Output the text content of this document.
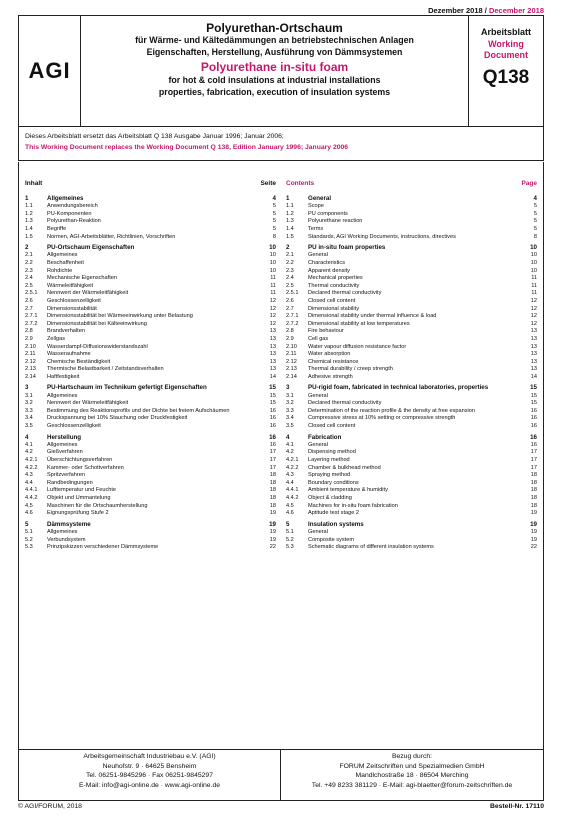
Dezember 2018 / December 2018
AGI
Polyurethan-Ortschaum
für Wärme- und Kältedämmungen an betriebstechnischen Anlagen
Eigenschaften, Herstellung, Ausführung von Dämmsystemen
Polyurethane in-situ foam
for hot & cold insulations at industrial installations
properties, fabrication, execution of insulation systems
Arbeitsblatt
Working
Document
Q138
Dieses Arbeitsblatt ersetzt das Arbeitsblatt Q 138 Ausgabe Januar 1996; Januar 2006;
This Working Document replaces the Working Document Q 138, Edition January 1996; January 2006
Inhalt	Seite
1	Allgemeines	4
1.1	Anwendungsbereich	5
1.2	PU-Komponenten	5
1.3	Polyurethan-Reaktion	5
1.4	Begriffe	5
1.5	Normen, AGI-Arbeitsblätter, Richtlinien, Vorschriften	8
2	PU-Ortschaum Eigenschaften	10
2.1	Allgemeines	10
2.2	Beschaffenheit	10
2.3	Rohdichte	10
2.4	Mechanische Eigenschaften	11
2.5	Wärmeleitfähigkeit	11
2.5.1	Nennwert der Wärmeleitfähigkeit	11
2.6	Geschlossenzelligkeit	12
2.7	Dimensionsstabilität	12
2.7.1	Dimensionsstabilität bei Wärmeeinwirkung unter Belastung	12
2.7.2	Dimensionsstabilität bei Kälteeinwirkung	12
2.8	Brandverhalten	13
2.9	Zellgas	13
2.10	Wasserdampf-Diffusionswiderstandszahl	13
2.11	Wasseraufnahme	13
2.12	Chemische Beständigkeit	13
2.13	Thermische Belastbarkeit / Zeitstandsverhalten	13
2.14	Haftfestigkeit	14
3	PU-Hartschaum im Technikum gefertigt Eigenschaften	15
3.1	Allgemeines	15
3.2	Nennwert der Wärmeleitfähigkeit	15
3.3	Bestimmung des Reaktionsprofils und der Dichte bei freiem Aufschäumen	16
3.4	Druckspannung bei 10% Stauchung oder Druckfestigkeit	16
3.5	Geschlossenzelligkeit	16
4	Herstellung	16
4.1	Allgemeines	16
4.2	Gießverfahren	17
4.2.1	Überschichtungsverfahren	17
4.2.2	Kammer- oder Schottverfahren	17
4.3	Spritzverfahren	18
4.4	Randbedingungen	18
4.4.1	Lufttemperatur und Feuchte	18
4.4.2	Objekt und Ummantelung	18
4.5	Maschinen für die Ortschaumherstellung	18
4.6	Eignungsprüfung Stufe 2	19
5	Dämmsysteme	19
5.1	Allgemeines	19
5.2	Verbundsystem	19
5.3	Prinzipskizzen verschiedener Dämmsysteme	22
Contents	Page
1	General	4
1.1	Scope	5
1.2	PU components	5
1.3	Polyurethane reaction	5
1.4	Terms	5
1.5	Standards, AGI Working Documents, instructions, directives	8
2	PU in-situ foam properties	10
2.1	General	10
2.2	Characteristics	10
2.3	Apparent density	10
2.4	Mechanical properties	11
2.5	Thermal conductivity	11
2.5.1	Declared thermal conductivity	11
2.6	Closed cell content	12
2.7	Dimensional stability	12
2.7.1	Dimensional stability under thermal influence & load	12
2.7.2	Dimensional stability at low temperatures	12
2.8	Fire behaviour	13
2.9	Cell gas	13
2.10	Water vapour diffusion resistance factor	13
2.11	Water absorption	13
2.12	Chemical resistance	13
2.13	Thermal durability / creep strength	13
2.14	Adhesive strength	14
3	PU-rigid foam, fabricated in technical laboratories, properties	15
3.1	General	15
3.2	Declared thermal conductivity	15
3.3	Determination of the reaction profile & the density at free expansion	16
3.4	Compressive stress at 10% setting or compressive strength	16
3.5	Closed cell content	16
4	Fabrication	16
4.1	General	16
4.2	Dispensing method	17
4.2.1	Layering method	17
4.2.2	Chamber & bulkhead method	17
4.3	Spraying method	18
4.4	Boundary conditions	18
4.4.1	Ambient temperature & humidity	18
4.4.2	Object & cladding	18
4.5	Machines for in-situ foam fabrication	18
4.6	Aptitude test stage 2	19
5	Insulation systems	19
5.1	General	19
5.2	Composite system	19
5.3	Schematic diagrams of different insulation systems	22
Arbeitsgemeinschaft Industriebau e.V. (AGI)
Neuhofstr. 9 · 64625 Bensheim
Tel. 06251-9845296 · Fax 06251-9845297
E-Mail: info@agi-online.de · www.agi-online.de
Bezug durch:
FORUM Zeitschriften und Spezialmedien GmbH
Mandlchostraße 18 · 86504 Merching
Tel. +49 8233 381129 · E-Mail: agi-blaetter@forum-zeitschriften.de
© AGI/FORUM, 2018	Bestell-Nr. 17110
